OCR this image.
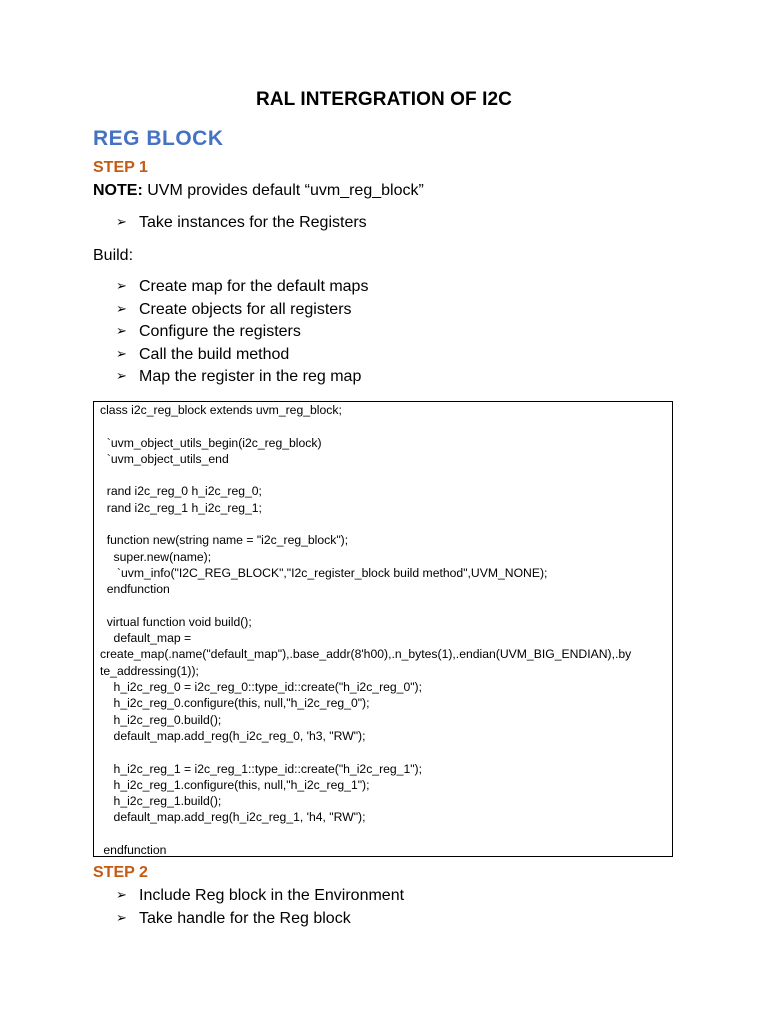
RAL INTERGRATION OF I2C
REG BLOCK
STEP 1
NOTE: UVM provides default “uvm_reg_block”
➢ Take instances for the Registers
Build:
➢ Create map for the default maps
➢ Create objects for all registers
➢ Configure the registers
➢ Call the build method
➢ Map the register in the reg map
class i2c_reg_block extends uvm_reg_block;
`uvm_object_utils_begin(i2c_reg_block)
`uvm_object_utils_end
rand i2c_reg_0 h_i2c_reg_0;
rand i2c_reg_1 h_i2c_reg_1;
function new(string name = "i2c_reg_block");
super.new(name);
`uvm_info("I2C_REG_BLOCK","I2c_register_block build method",UVM_NONE);
endfunction
virtual function void build();
default_map =
create_map(.name("default_map"),.base_addr(8'h00),.n_bytes(1),.endian(UVM_BIG_ENDIAN),.by
te_addressing(1));
h_i2c_reg_0 = i2c_reg_0::type_id::create("h_i2c_reg_0");
h_i2c_reg_0.configure(this, null,"h_i2c_reg_0");
h_i2c_reg_0.build();
default_map.add_reg(h_i2c_reg_0, 'h3, "RW");
h_i2c_reg_1 = i2c_reg_1::type_id::create("h_i2c_reg_1");
h_i2c_reg_1.configure(this, null,"h_i2c_reg_1");
h_i2c_reg_1.build();
default_map.add_reg(h_i2c_reg_1, 'h4, "RW");
endfunction
STEP 2
➢ Include Reg block in the Environment
➢ Take handle for the Reg block
